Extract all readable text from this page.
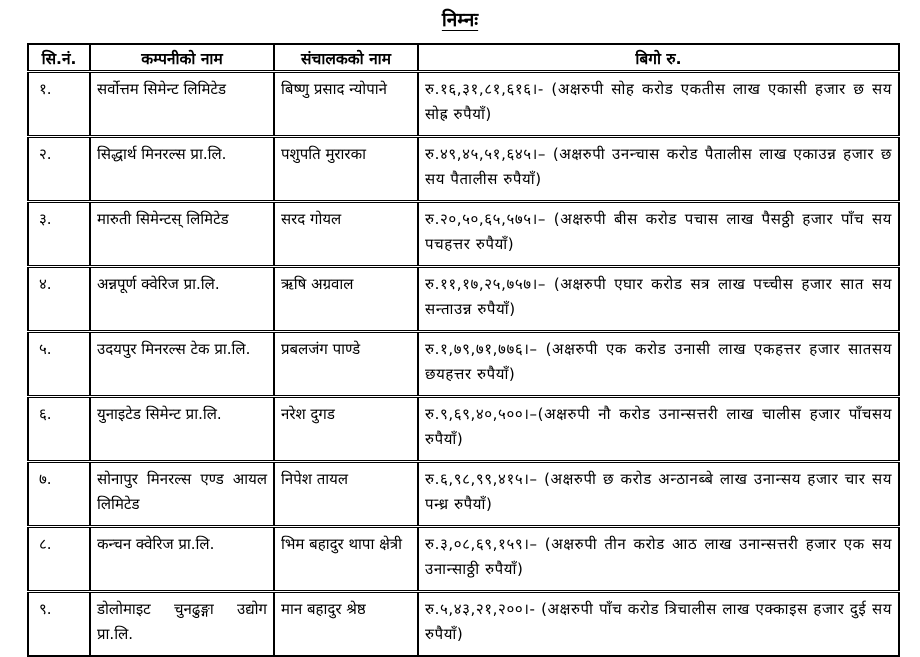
निम्नः
सि.नं.	कम्पनीको नाम	संचालकको नाम	बिगो रु.
१.	सर्वोत्तम सिमेन्ट लिमिटेड	बिष्णु प्रसाद न्योपाने	रु.१६,३१,८१,६१६।- (अक्षरुपी सोह करोड एकतीस लाख एकासी हजार छ सय सोह्र रुपैयाँ)
२.	सिद्धार्थ मिनरल्स प्रा.लि.	पशुपति मुरारका	रु.४९,४५,५१,६४५।– (अक्षरुपी उनन्चास करोड पैतालीस लाख एकाउन्न हजार छ सय पैतालीस रुपैयाँ)
३.	मारुती सिमेन्टस् लिमिटेड	सरद गोयल	रु.२०,५०,६५,५७५।– (अक्षरुपी बीस करोड पचास लाख पैसठ्ठी हजार पाँच सय पचहत्तर रुपैयाँ)
४.	अन्नपूर्ण क्वेरिज प्रा.लि.	ऋषि अग्रवाल	रु.११,१७,२५,७५७।– (अक्षरुपी एघार करोड सत्र लाख पच्चीस हजार सात सय सन्ताउन्न रुपैयाँ)
५.	उदयपुर मिनरल्स टेक प्रा.लि.	प्रबलजंग पाण्डे	रु.१,७९,७१,७७६।– (अक्षरुपी एक करोड उनासी लाख एकहत्तर हजार सातसय छयहत्तर रुपैयाँ)
६.	युनाइटेड सिमेन्ट प्रा.लि.	नरेश दुगड	रु.९,६९,४०,५००।–(अक्षरुपी नौ करोड उनान्सत्तरी लाख चालीस हजार पाँचसय रुपैयाँ)
७.	सोनापुर मिनरल्स एण्ड आयल लिमिटेड	निपेश तायल	रु.६,९८,९९,४१५।– (अक्षरुपी छ करोड अन्ठानब्बे लाख उनान्सय हजार चार सय पन्ध्र रुपैयाँ)
८.	कन्चन क्वेरिज प्रा.लि.	भिम बहादुर थापा क्षेत्री	रु.३,०८,६९,१५९।– (अक्षरुपी तीन करोड आठ लाख उनान्सत्तरी हजार एक सय उनान्साठ्ठी रुपैयाँ)
९.	डोलोमाइट चुनढुङ्गा उद्योग प्रा.लि.	मान बहादुर श्रेष्ठ	रु.५,४३,२१,२००।- (अक्षरुपी पाँच करोड त्रिचालीस लाख एक्काइस हजार दुई सय रुपैयाँ)
